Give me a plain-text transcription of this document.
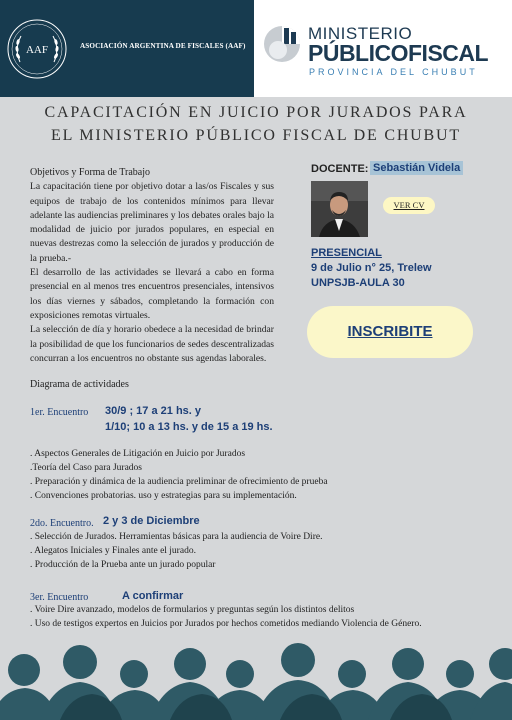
AAF	ASOCIACIÓN ARGENTINA DE FISCALES (AAF)
MINISTERIO
PÚBLICOFISCAL
PROVINCIA DEL CHUBUT
CAPACITACIÓN EN JUICIO POR JURADOS PARA
EL MINISTERIO PÚBLICO FISCAL DE CHUBUT

Objetivos y Forma de Trabajo

La capacitación tiene por objetivo dotar a las/os Fiscales y sus equipos de trabajo de los contenidos mínimos para llevar adelante las audiencias preliminares y los debates orales bajo la modalidad de juicio por jurados populares, en especial en nuevas destrezas como la selección de jurados y producción de la prueba.-

El desarrollo de las actividades se llevará a cabo en forma presencial en al menos tres encuentros presenciales, intensivos los días viernes y sábados, completando la formación con exposiciones remotas virtuales.

La selección de día y horario obedece a la necesidad de brindar la posibilidad de que los funcionarios de sedes descentralizadas concurran a los encuentros no obstante sus agendas laborales.

DOCENTE: Sebastián Videla
VER CV
PRESENCIAL
9 de Julio n° 25, Trelew
UNPSJB-AULA 30
INSCRIBITE
Diagrama de actividades
1er. Encuentro 30/9 ; 17 a 21 hs. y
1/10; 10 a 13 hs. y de 15 a 19 hs.
. Aspectos Generales de Litigación en Juicio por Jurados
.Teoría del Caso para Jurados
. Preparación y dinámica de la audiencia preliminar de ofrecimiento de prueba
. Convenciones probatorias. uso y estrategias para su implementación.
2do. Encuentro. 2 y 3 de Diciembre
. Selección de Jurados. Herramientas básicas para la audiencia de Voire Dire.
. Alegatos Iniciales y Finales ante el jurado.
. Producción de la Prueba ante un jurado popular
3er. Encuentro	A confirmar
. Voire Dire avanzado, modelos de formularios y preguntas según los distintos delitos
. Uso de testigos expertos en Juicios por Jurados por hechos cometidos mediando Violencia de Género.
